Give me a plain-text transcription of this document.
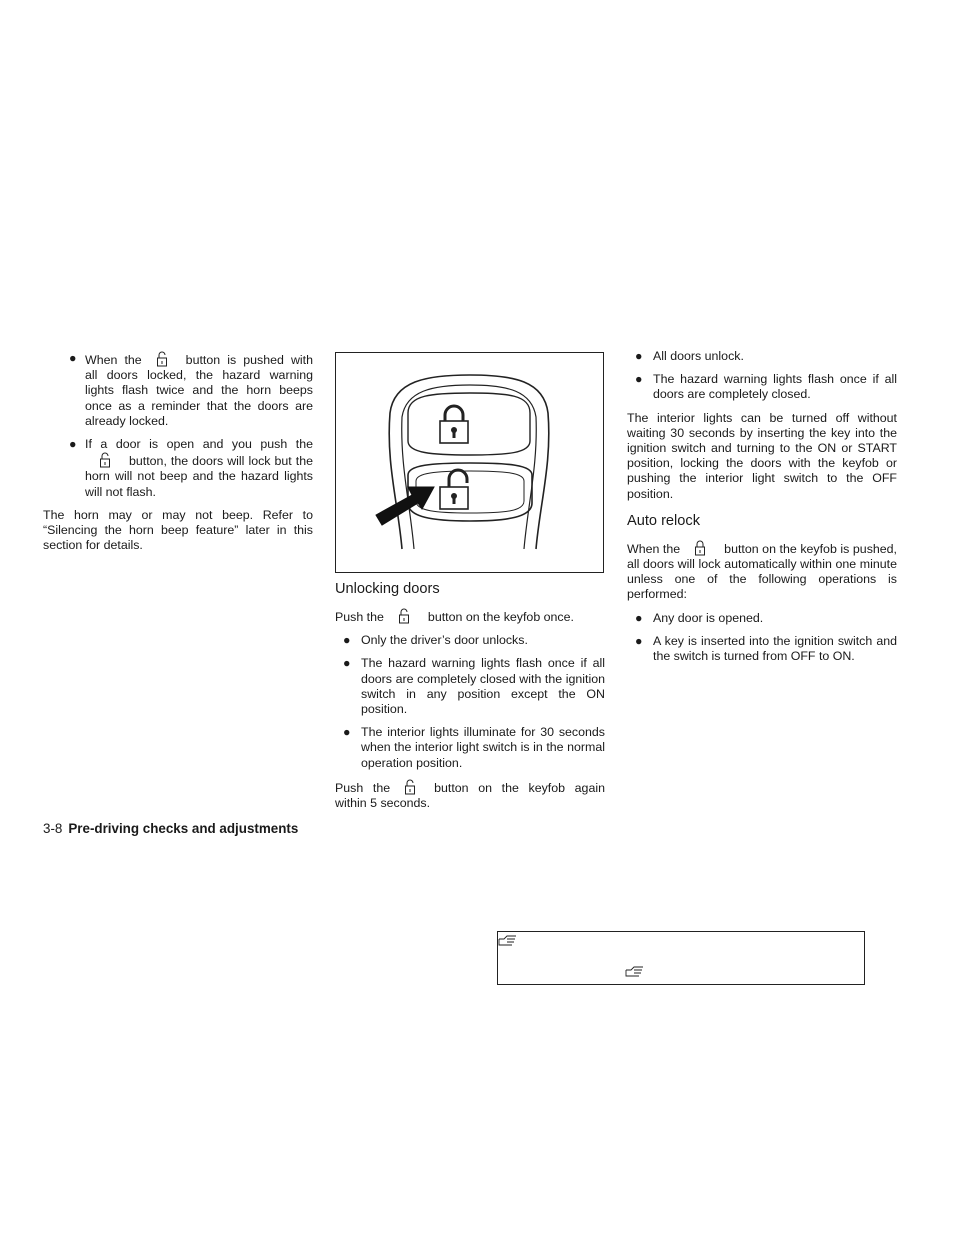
● When the	button is pushed with all doors locked, the hazard warning lights flash twice and the horn beeps once as a reminder that the doors are already locked.
● If a door is open and you push the
button, the doors will lock but the horn will not beep and the hazard lights will not flash.

The horn may or may not beep. Refer to “Silencing the horn beep feature” later in this section for details.

Unlocking doors

Push the	button on the keyfob once.

● Only the driver’s door unlocks.
● The hazard warning lights flash once if all doors are completely closed with the ignition switch in any position except the ON position.
● The interior lights illuminate for 30 seconds when the interior light switch is in the normal operation position.

Push the	button on the keyfob again within 5 seconds.

● All doors unlock.
● The hazard warning lights flash once if all doors are completely closed.

The interior lights can be turned off without waiting 30 seconds by inserting the key into the ignition switch and turning to the ON or START position, locking the doors with the keyfob or pushing the interior light switch to the OFF position.

Auto relock

When the	button on the keyfob is pushed, all doors will lock automatically within one minute unless one of the following operations is performed:

● Any door is opened.
● A key is inserted into the ignition switch and the switch is turned from OFF to ON.
3-8 Pre-driving checks and adjustments
